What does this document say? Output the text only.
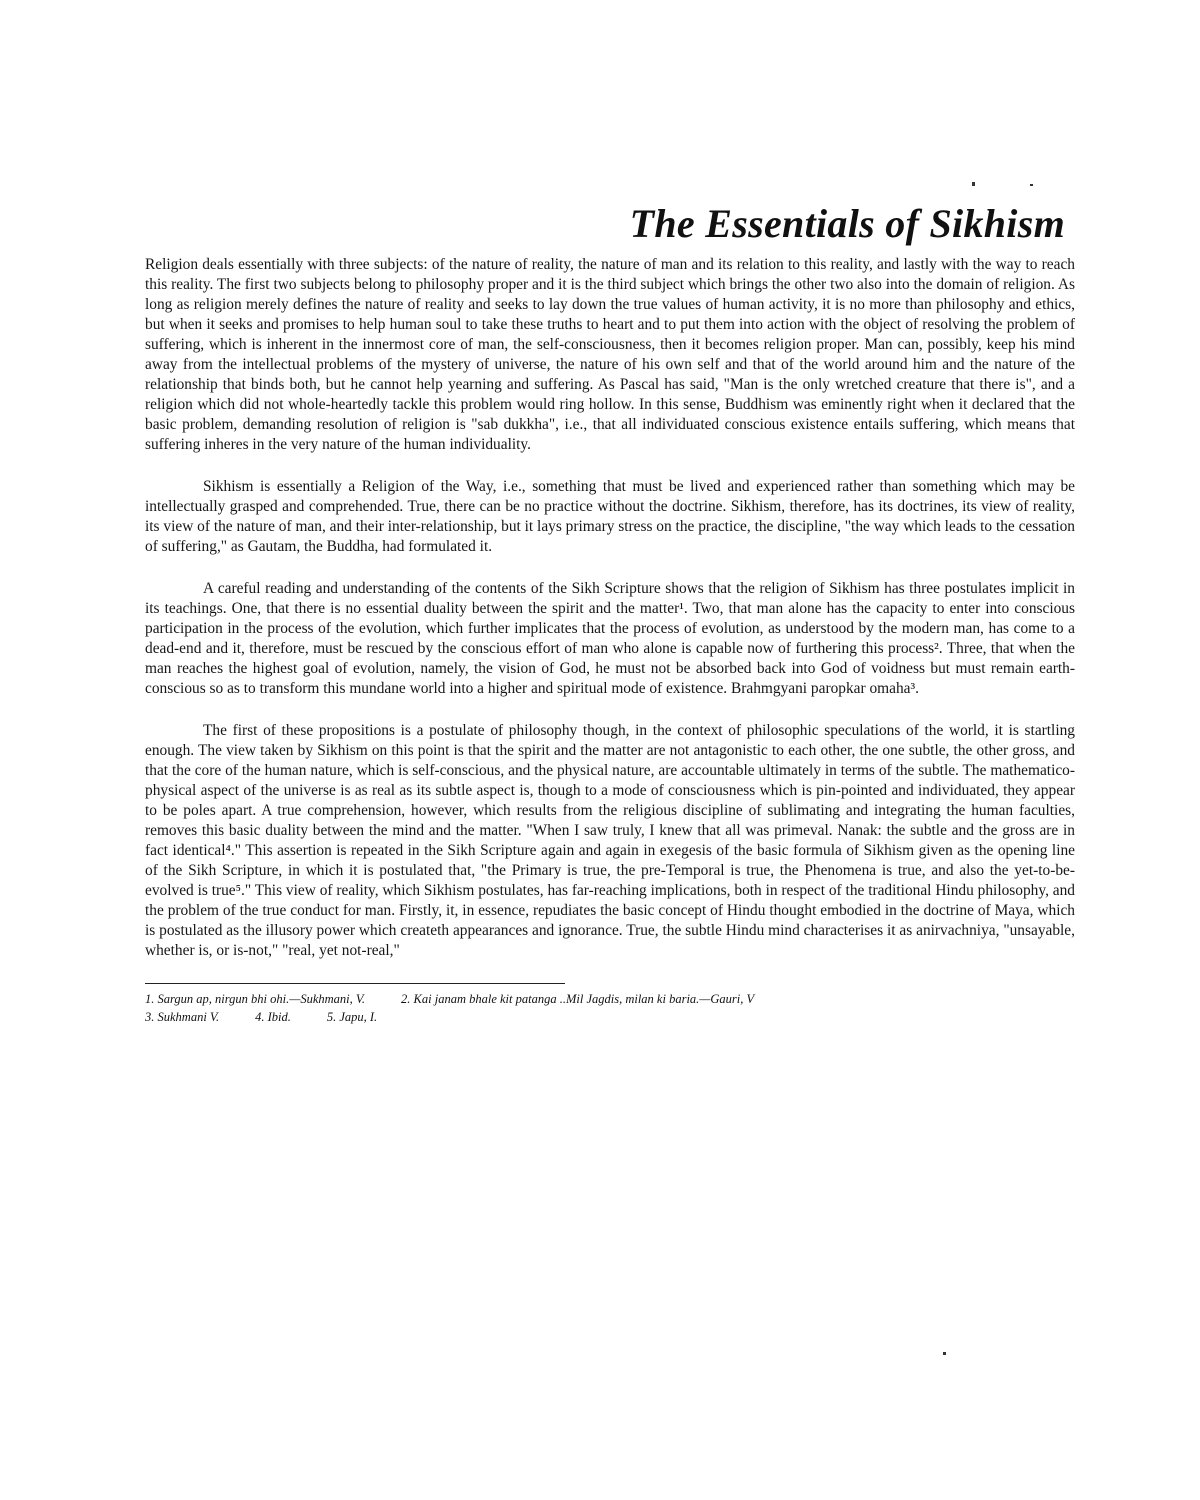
The Essentials of Sikhism

Religion deals essentially with three subjects: of the nature of reality, the nature of man and its relation to this reality, and lastly with the way to reach this reality. The first two subjects belong to philosophy proper and it is the third subject which brings the other two also into the domain of religion. As long as religion merely defines the nature of reality and seeks to lay down the true values of human activity, it is no more than philosophy and ethics, but when it seeks and promises to help human soul to take these truths to heart and to put them into action with the object of resolving the problem of suffering, which is inherent in the innermost core of man, the self-consciousness, then it becomes religion proper. Man can, possibly, keep his mind away from the intellectual problems of the mystery of universe, the nature of his own self and that of the world around him and the nature of the relationship that binds both, but he cannot help yearning and suffering. As Pascal has said, "Man is the only wretched creature that there is", and a religion which did not whole-heartedly tackle this problem would ring hollow. In this sense, Buddhism was eminently right when it declared that the basic problem, demanding resolution of religion is "sab dukkha", i.e., that all individuated conscious existence entails suffering, which means that suffering inheres in the very nature of the human individuality.

Sikhism is essentially a Religion of the Way, i.e., something that must be lived and experienced rather than something which may be intellectually grasped and comprehended. True, there can be no practice without the doctrine. Sikhism, therefore, has its doctrines, its view of reality, its view of the nature of man, and their inter-relationship, but it lays primary stress on the practice, the discipline, "the way which leads to the cessation of suffering," as Gautam, the Buddha, had formulated it.

A careful reading and understanding of the contents of the Sikh Scripture shows that the religion of Sikhism has three postulates implicit in its teachings. One, that there is no essential duality between the spirit and the matter¹. Two, that man alone has the capacity to enter into conscious participation in the process of the evolution, which further implicates that the process of evolution, as understood by the modern man, has come to a dead-end and it, therefore, must be rescued by the conscious effort of man who alone is capable now of furthering this process². Three, that when the man reaches the highest goal of evolution, namely, the vision of God, he must not be absorbed back into God of voidness but must remain earth-conscious so as to transform this mundane world into a higher and spiritual mode of existence. Brahmgyani paropkar omaha³.

The first of these propositions is a postulate of philosophy though, in the context of philosophic speculations of the world, it is startling enough. The view taken by Sikhism on this point is that the spirit and the matter are not antagonistic to each other, the one subtle, the other gross, and that the core of the human nature, which is self-conscious, and the physical nature, are accountable ultimately in terms of the subtle. The mathematico-physical aspect of the universe is as real as its subtle aspect is, though to a mode of consciousness which is pin-pointed and individuated, they appear to be poles apart. A true comprehension, however, which results from the religious discipline of sublimating and integrating the human faculties, removes this basic duality between the mind and the matter. "When I saw truly, I knew that all was primeval. Nanak: the subtle and the gross are in fact identical⁴." This assertion is repeated in the Sikh Scripture again and again in exegesis of the basic formula of Sikhism given as the opening line of the Sikh Scripture, in which it is postulated that, "the Primary is true, the pre-Temporal is true, the Phenomena is true, and also the yet-to-be-evolved is true⁵." This view of reality, which Sikhism postulates, has far-reaching implications, both in respect of the traditional Hindu philosophy, and the problem of the true conduct for man. Firstly, it, in essence, repudiates the basic concept of Hindu thought embodied in the doctrine of Maya, which is postulated as the illusory power which createth appearances and ignorance. True, the subtle Hindu mind characterises it as anirvachniya, "unsayable, whether is, or is-not," "real, yet not-real,"

1. Sargun ap, nirgun bhi ohi.—Sukhmani, V.	2. Kai janam bhale kit patanga ..Mil Jagdis, milan ki baria.—Gauri, V
3. Sukhmani V.	4. Ibid.	5. Japu, I.
